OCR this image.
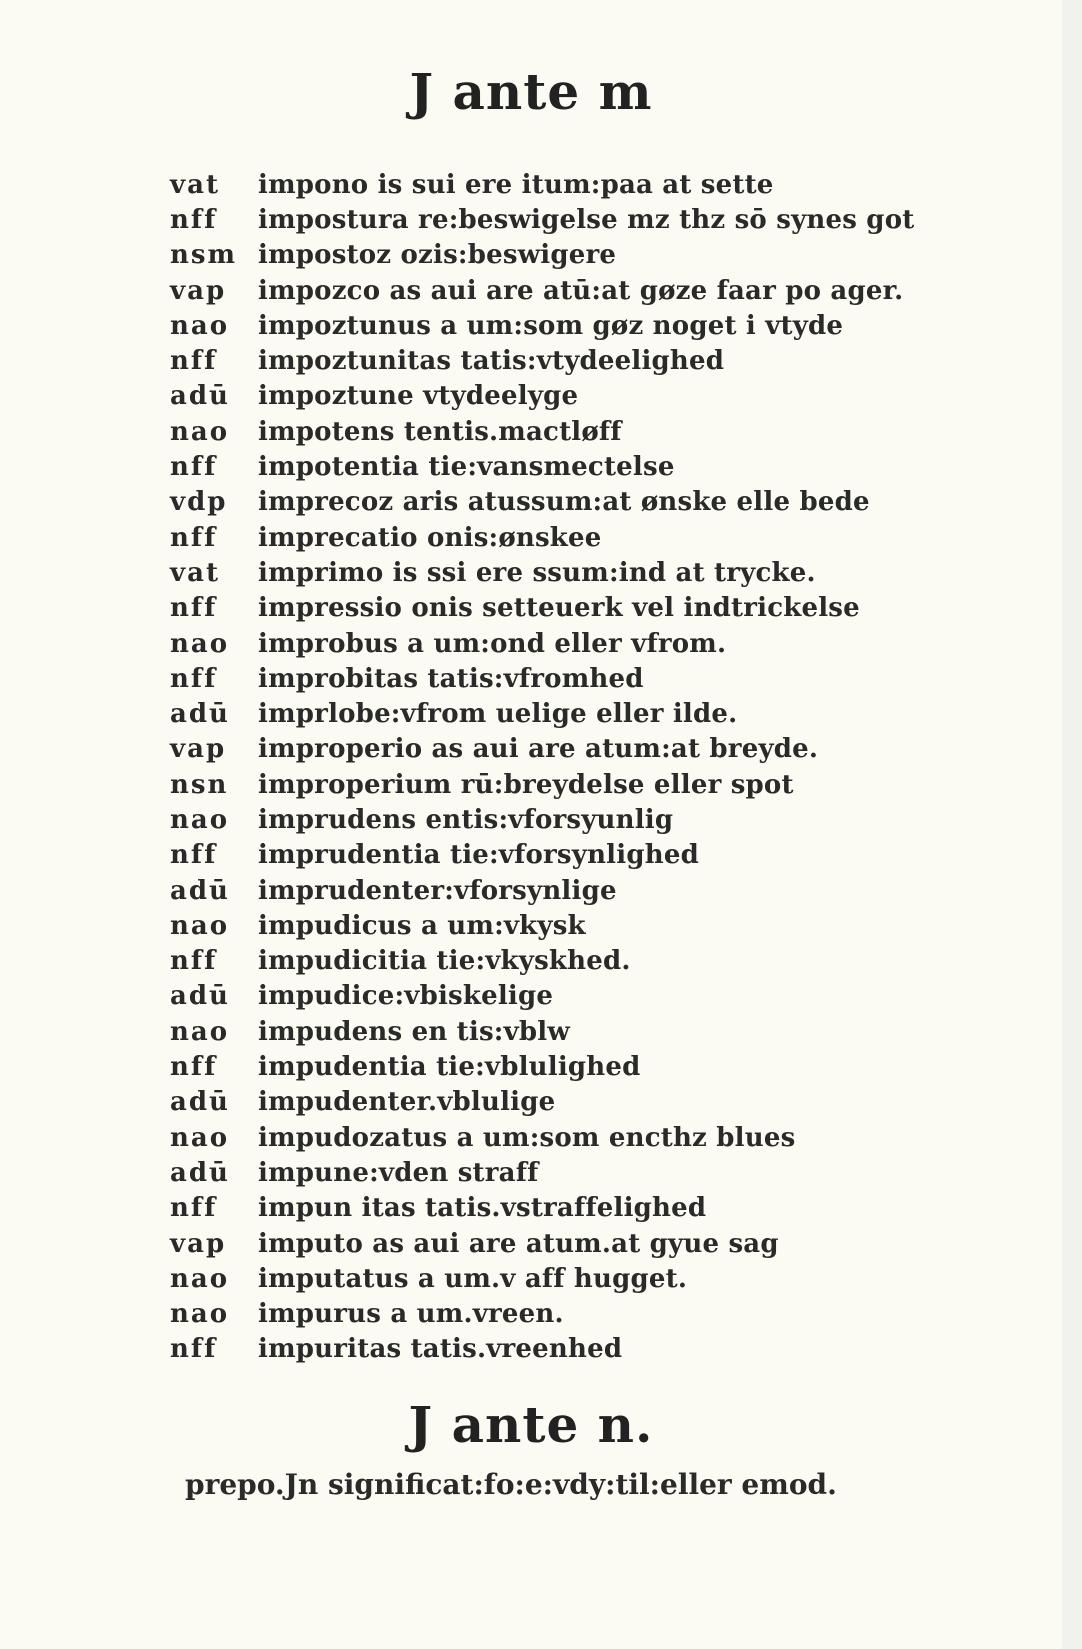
J ante m
vat	impono is sui ere itum:paa at sette
nff	impostura re:beswigelse mz thz sō synes got
nsm impostoz ozis:beswigere
vap	impozco as aui are atū:at gøze faar po ager.
nao	impoztunus a um:som gøz noget i vtyde
nff	impoztunitas tatis:vtydeelighed
adū	impoztune vtydeelyge
nao	impotens tentis.mactløff
nff	impotentia tie:vansmectelse
vdp	imprecoz aris atussum:at ønske elle bede
nff	imprecatio onis:ønskee
vat	imprimo is ssi ere ssum:ind at trycke.
nff	impressio onis setteuerk vel indtrickelse
nao	improbus a um:ond eller vfrom.
nff	improbitas tatis:vfromhed
adū	imprlobe:vfrom uelige eller ilde.
vap	improperio as aui are atum:at breyde.
nsn	improperium rū:breydelse eller spot
nao	imprudens entis:vforsyunlig
nff	imprudentia tie:vforsynlighed
adū	imprudenter:vforsynlige
nao	impudicus a um:vkysk
nff	impudicitia tie:vkyskhed.
adū	impudice:vbiskelige
nao	impudens en tis:vblw
nff	impudentia tie:vblulighed
adū	impudenter.vblulige
nao	impudozatus a um:som encthz blues
adū	impune:vden straff
nff	impun itas tatis.vstraffelighed
vap	imputo as aui are atum.at gyue sag
nao	imputatus a um.v aff hugget.
nao	impurus a um.vreen.
nff	impuritas tatis.vreenhed
J ante n.
prepo.Jn significat:fo:e:vdy:til:eller emod.
